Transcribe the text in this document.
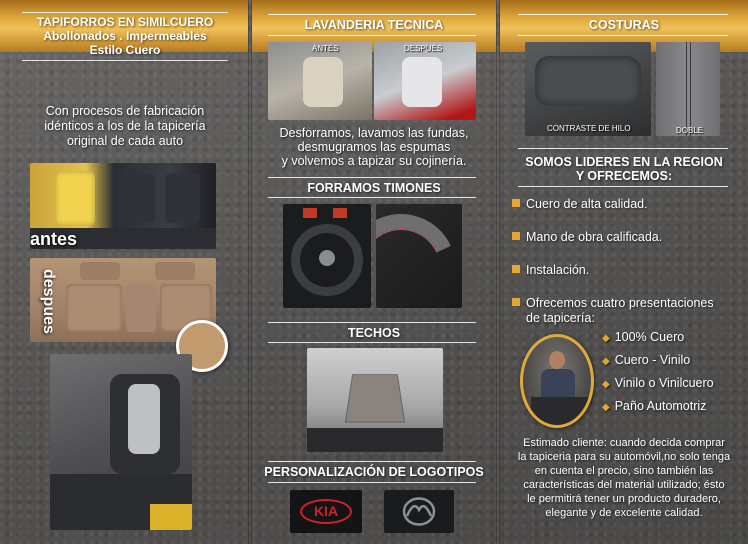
TAPIFORROS EN SIMILCUERO
Abollonados . Impermeables
Estilo Cuero
Con procesos de fabricación
idénticos a los de la tapicería
original de cada auto
antes
despues
LAVANDERIA TECNICA
ANTÉS	DESPUÉS
Desforramos, lavamos las fundas,
desmugramos las espumas
y volvemos a tapizar su cojinería.
FORRAMOS TIMONES
TECHOS
PERSONALIZACIÓN DE LOGOTIPOS
KIA
COSTURAS
CONTRASTE DE HILO	DOBLE
SOMOS LIDERES EN LA REGION
Y OFRECEMOS:
Cuero de alta calidad.
Mano de obra calificada.
Instalación.
Ofrecemos cuatro presentaciones
de tapicería:
◆ 100% Cuero
◆ Cuero - Vinilo
◆ Vinilo o Vinilcuero
◆ Paño Automotriz
Estimado cliente: cuando decida comprar
la tapiceria para su automóvil,no solo tenga
en cuenta el precio, sino también las
características del material utilizado; ésto
le permitirá tener un producto duradero,
elegante y de excelente calidad.
